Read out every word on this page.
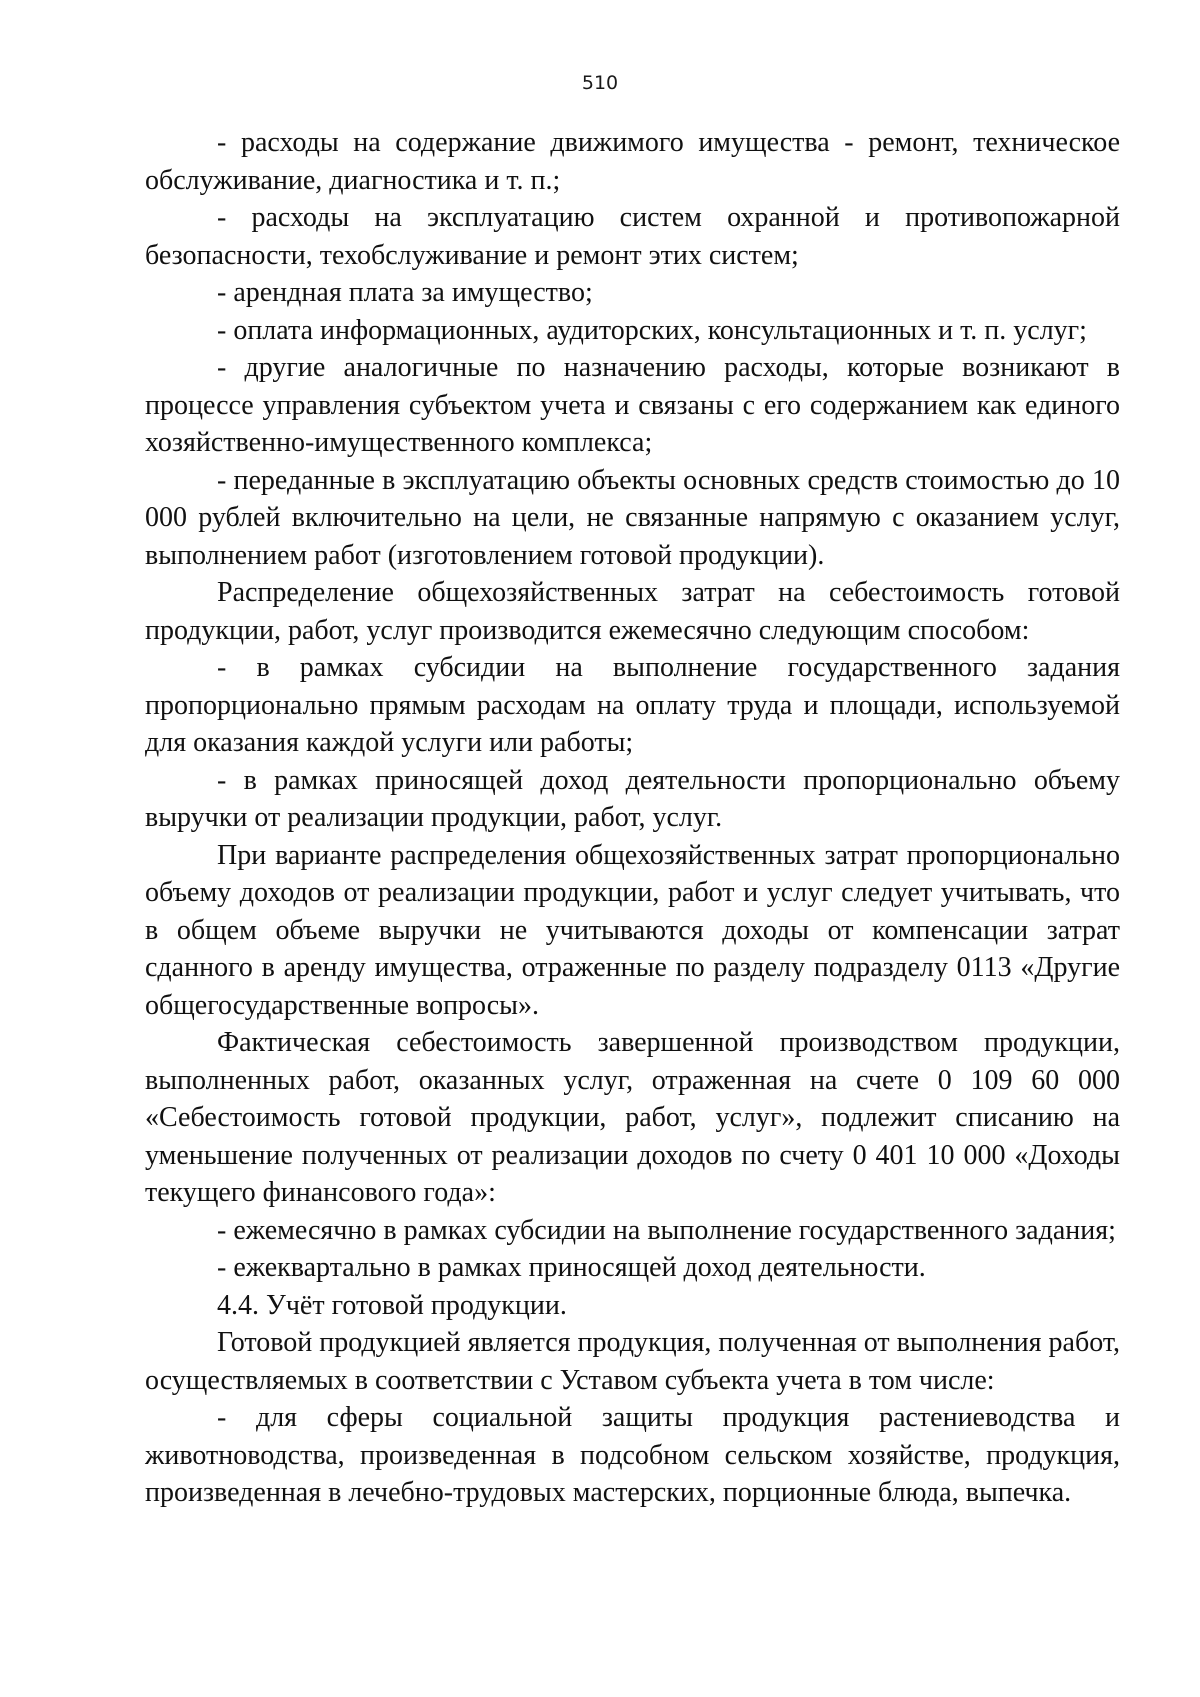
510

- расходы на содержание движимого имущества - ремонт, техническое обслуживание, диагностика и т. п.;

- расходы на эксплуатацию систем охранной и противопожарной безопасности, техобслуживание и ремонт этих систем;

- арендная плата за имущество;

- оплата информационных, аудиторских, консультационных и т. п. услуг;

- другие аналогичные по назначению расходы, которые возникают в процессе управления субъектом учета и связаны с его содержанием как единого хозяйственно-имущественного комплекса;

- переданные в эксплуатацию объекты основных средств стоимостью до 10 000 рублей включительно на цели, не связанные напрямую с оказанием услуг, выполнением работ (изготовлением готовой продукции).

Распределение общехозяйственных затрат на себестоимость готовой продукции, работ, услуг производится ежемесячно следующим способом:

- в рамках субсидии на выполнение государственного задания пропорционально прямым расходам на оплату труда и площади, используемой для оказания каждой услуги или работы;

- в рамках приносящей доход деятельности пропорционально объему выручки от реализации продукции, работ, услуг.

При варианте распределения общехозяйственных затрат пропорционально объему доходов от реализации продукции, работ и услуг следует учитывать, что в общем объеме выручки не учитываются доходы от компенсации затрат сданного в аренду имущества, отраженные по разделу подразделу 0113 «Другие общегосударственные вопросы».

Фактическая себестоимость завершенной производством продукции, выполненных работ, оказанных услуг, отраженная на счете 0 109 60 000 «Себестоимость готовой продукции, работ, услуг», подлежит списанию на уменьшение полученных от реализации доходов по счету 0 401 10 000 «Доходы текущего финансового года»:

- ежемесячно в рамках субсидии на выполнение государственного задания;

- ежеквартально в рамках приносящей доход деятельности.

4.4. Учёт готовой продукции.

Готовой продукцией является продукция, полученная от выполнения работ, осуществляемых в соответствии с Уставом субъекта учета в том числе:

- для сферы социальной защиты продукция растениеводства и животноводства, произведенная в подсобном сельском хозяйстве, продукция, произведенная в лечебно-трудовых мастерских, порционные блюда, выпечка.
